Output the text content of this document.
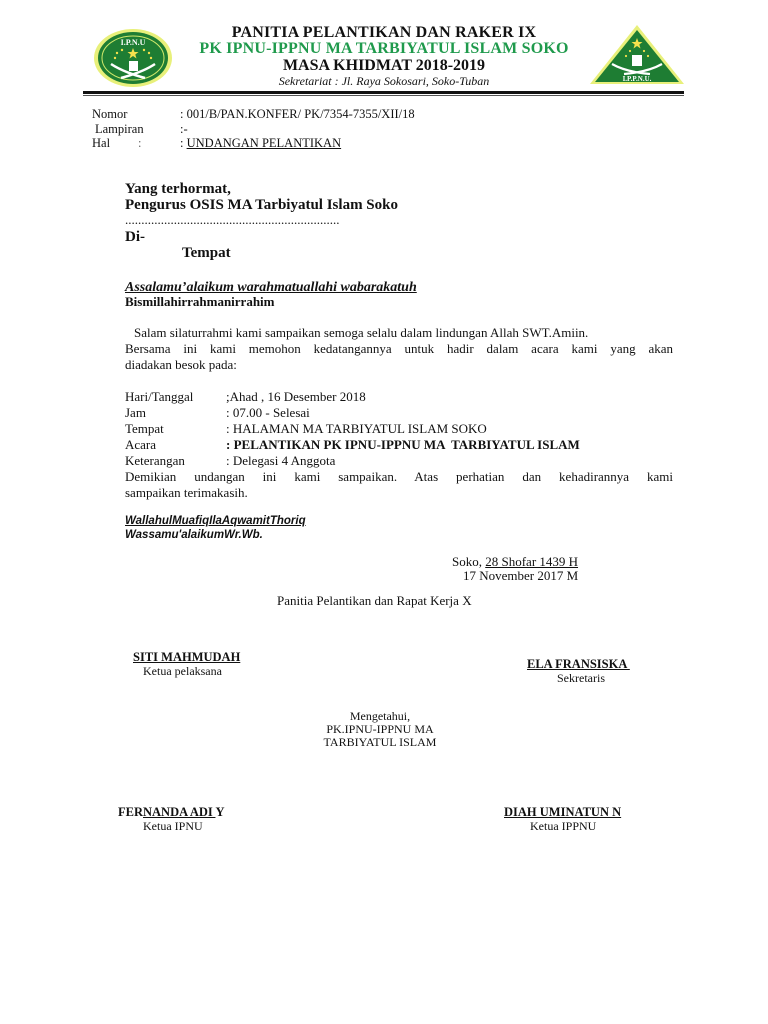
I.P.N.U
PANITIA PELANTIKAN DAN RAKER IX
PK IPNU-IPPNU MA TARBIYATUL ISLAM SOKO
MASA KHIDMAT 2018-2019
Sekretariat : Jl. Raya Sokosari, Soko-Tuban	I.P.P.N.U.
Nomor	: 001/B/PAN.KONFER/ PK/7354-7355/XII/18
Lampiran	:-
Hal :	: UNDANGAN PELANTIKAN
Yang terhormat,
Pengurus OSIS MA Tarbiyatul Islam Soko
..................................................................
Di-
Tempat
Assalamu’alaikum warahmatuallahi wabarakatuh
Bismillahirrahmanirrahim
Salam silaturrahmi kami sampaikan semoga selalu dalam lindungan Allah SWT.Amiin.
Bersama ini kami memohon kedatangannya untuk hadir dalam acara kami yang akan
diadakan besok pada:
Hari/Tanggal	;Ahad , 16 Desember 2018
Jam	: 07.00 - Selesai
Tempat	: HALAMAN MA TARBIYATUL ISLAM SOKO
Acara	: PELANTIKAN PK IPNU-IPPNU MA  TARBIYATUL ISLAM
Keterangan	: Delegasi 4 Anggota
Demikian undangan ini kami sampaikan. Atas perhatian dan kehadirannya kami
sampaikan terimakasih.
WallahulMuafiqIlaAqwamitThoriq
Wassamu'alaikumWr.Wb.
Soko, 28 Shofar 1439 H
17 November 2017 M
Panitia Pelantikan dan Rapat Kerja X
SITI MAHMUDAH
Ketua pelaksana	ELA FRANSISKA
Sekretaris
Mengetahui,
PK.IPNU-IPPNU MA
TARBIYATUL ISLAM
FERNANDA ADI Y
Ketua IPNU
DIAH UMINATUN N
Ketua IPPNU
